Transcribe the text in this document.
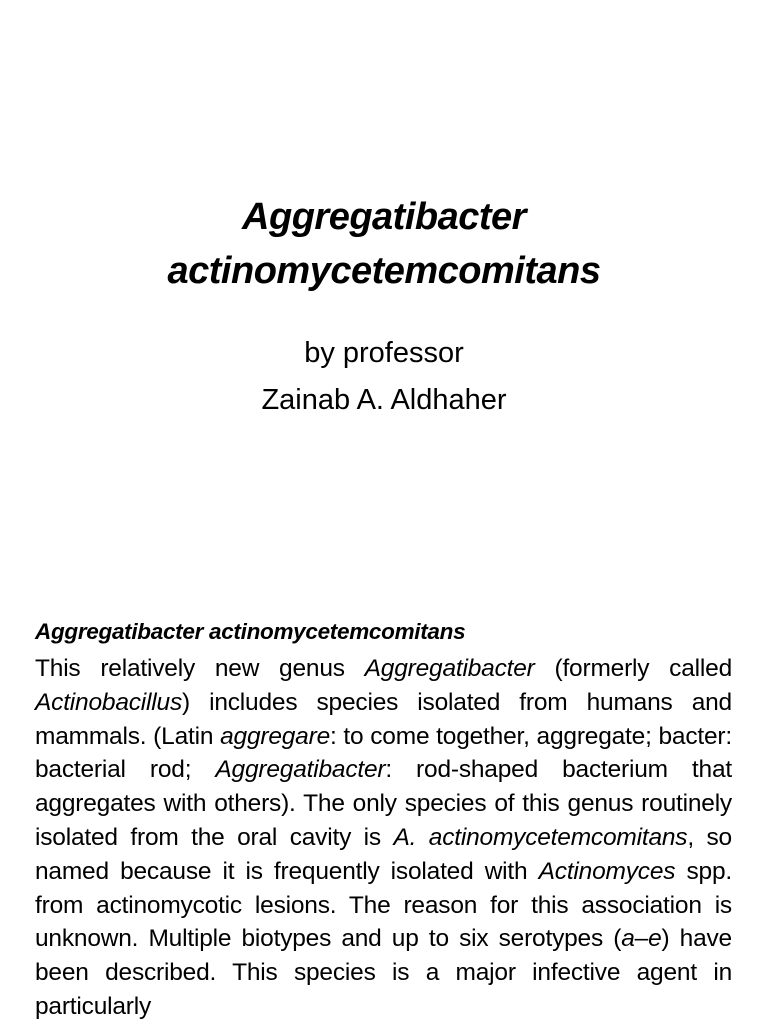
Aggregatibacter
actinomycetemcomitans
by professor
Zainab A. Aldhaher
Aggregatibacter actinomycetemcomitans

This relatively new genus Aggregatibacter (formerly called Actinobacillus) includes species isolated from humans and mammals. (Latin aggregare: to come together, aggregate; bacter: bacterial rod; Aggregatibacter: rod-shaped bacterium that aggregates with others). The only species of this genus routinely isolated from the oral cavity is A. actinomycetemcomitans, so named because it is frequently isolated with Actinomyces spp. from actinomycotic lesions. The reason for this association is unknown. Multiple biotypes and up to six serotypes (a–e) have been described. This species is a major infective agent in particularly
